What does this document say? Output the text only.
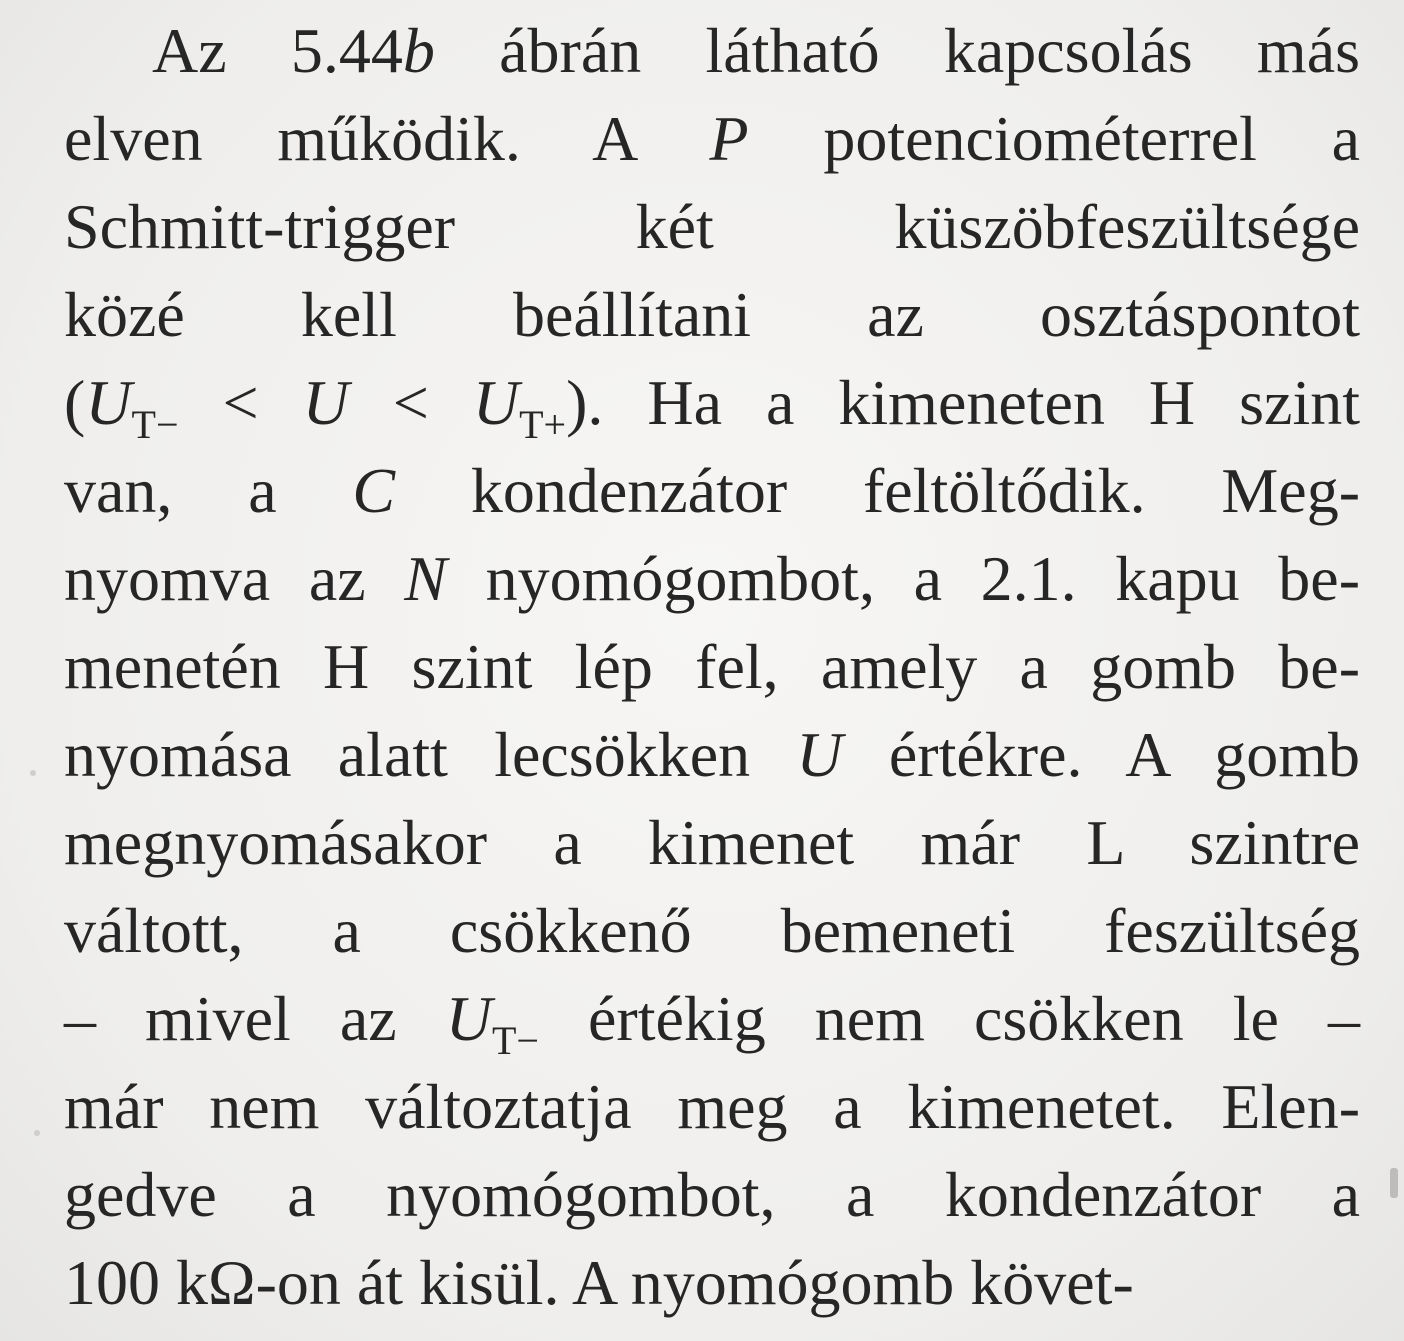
Az 5.44b ábrán látható kapcsolás más
elven működik. A P potenciométerrel a
Schmitt-trigger két küszöbfeszültsége
közé kell beállítani az osztáspontot
$(U_{T-} < U < U_{T+})$. Ha a kimeneten H szint
van, a C kondenzátor feltöltődik. Meg-
nyomva az N nyomógombot, a 2.1. kapu be-
menetén H szint lép fel, amely a gomb be-
nyomása alatt lecsökken U értékre. A gomb
megnyomásakor a kimenet már L szintre
váltott, a csökkenő bemeneti feszültség
– mivel az $U_{T-}$ értékig nem csökken le –
már nem változtatja meg a kimenetet. Elen-
gedve a nyomógombot, a kondenzátor a
100 kΩ-on át kisül. A nyomógomb követ-
